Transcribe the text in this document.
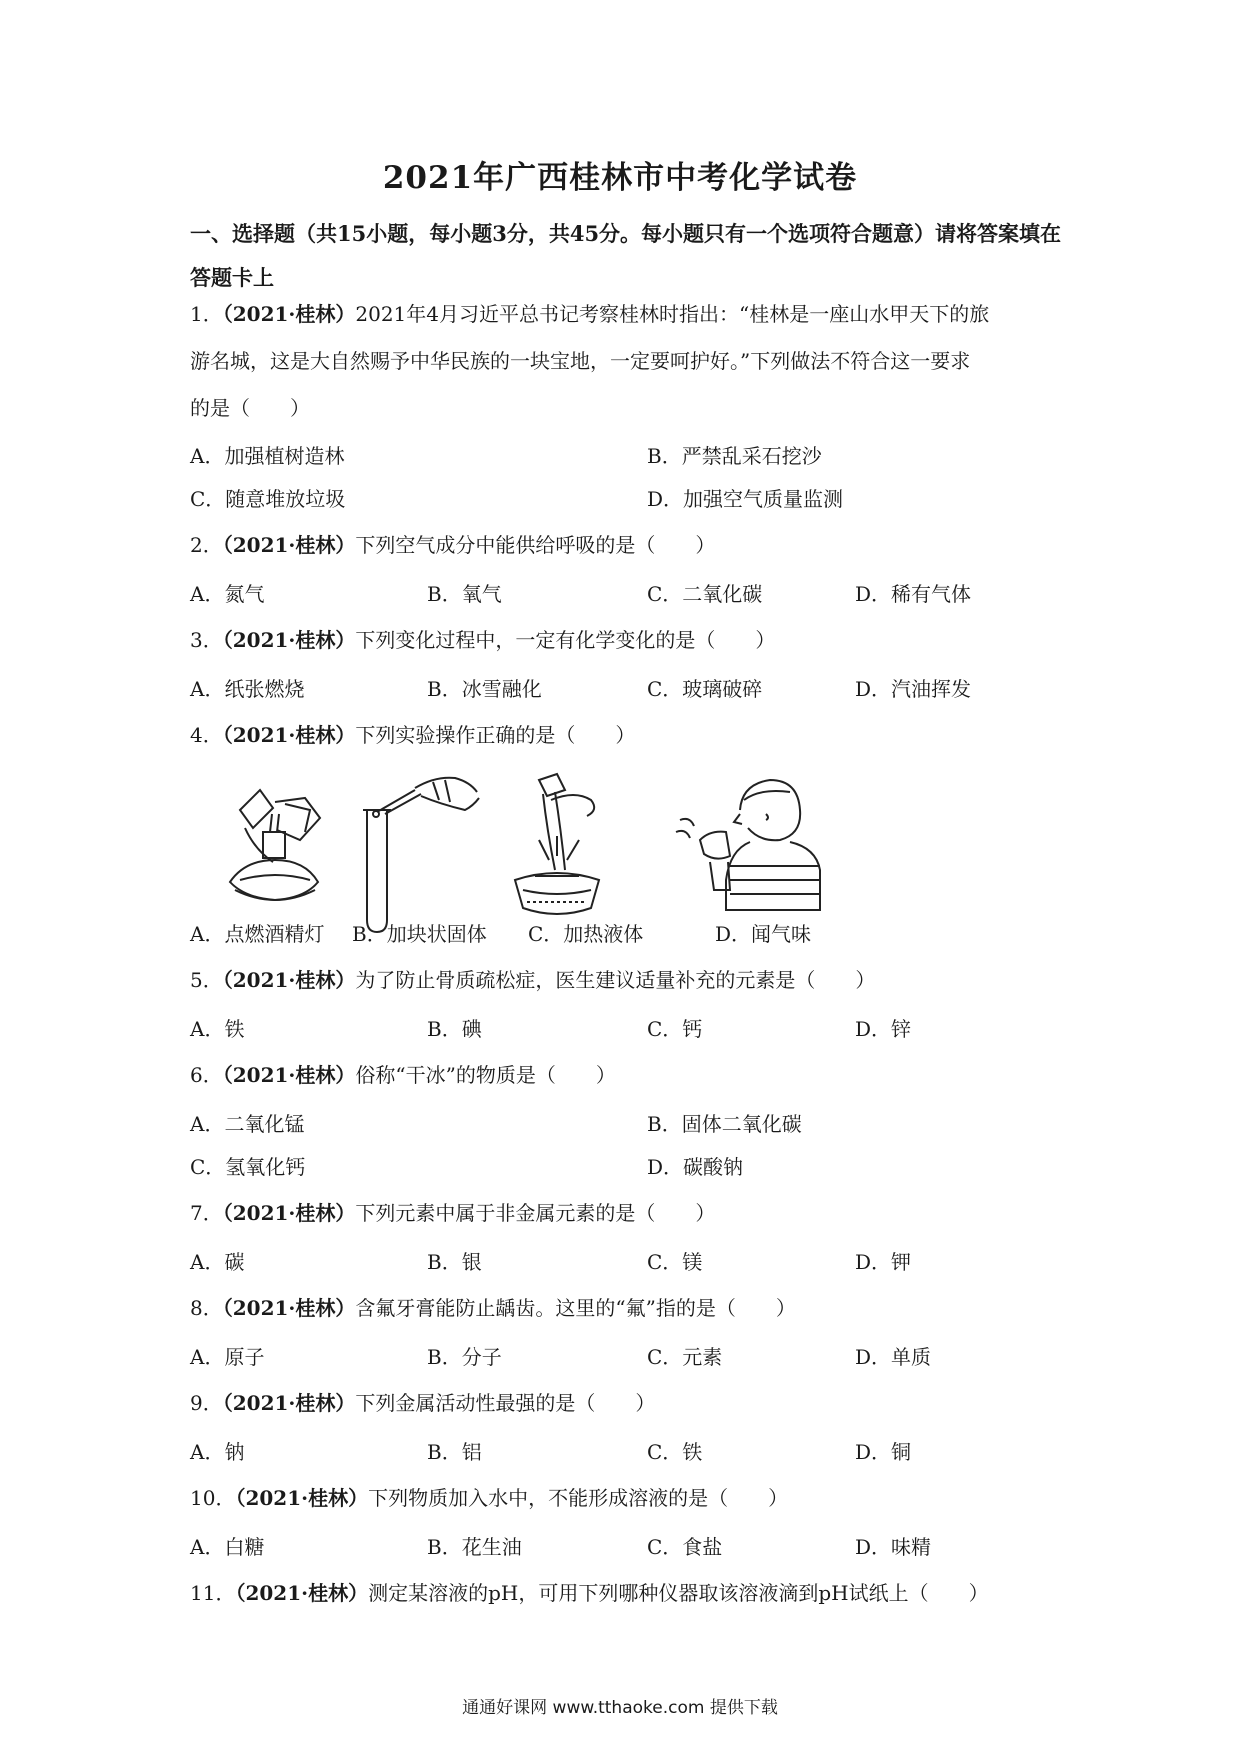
2021年广西桂林市中考化学试卷
一、选择题（共15小题，每小题3分，共45分。每小题只有一个选项符合题意）请将答案填在答题卡上
1．（2021·桂林）2021年4月习近平总书记考察桂林时指出：“桂林是一座山水甲天下的旅
游名城，这是大自然赐予中华民族的一块宝地，一定要呵护好。”下列做法不符合这一要求
的是（　　）
A．加强植树造林	B．严禁乱采石挖沙
C．随意堆放垃圾	D．加强空气质量监测
2．（2021·桂林）下列空气成分中能供给呼吸的是（　　）
A．氮气	B．氧气	C．二氧化碳	D．稀有气体
3．（2021·桂林）下列变化过程中，一定有化学变化的是（　　）
A．纸张燃烧	B．冰雪融化	C．玻璃破碎	D．汽油挥发
4．（2021·桂林）下列实验操作正确的是（　　）
A．点燃酒精灯 B．加块状固体 C．加热液体	D．闻气味
5．（2021·桂林）为了防止骨质疏松症，医生建议适量补充的元素是（　　）
A．铁	B．碘	C．钙	D．锌
6．（2021·桂林）俗称“干冰”的物质是（　　）
A．二氧化锰	B．固体二氧化碳
C．氢氧化钙	D．碳酸钠
7．（2021·桂林）下列元素中属于非金属元素的是（　　）
A．碳	B．银	C．镁	D．钾
8．（2021·桂林）含氟牙膏能防止龋齿。这里的“氟”指的是（　　）
A．原子	B．分子	C．元素	D．单质
9．（2021·桂林）下列金属活动性最强的是（　　）
A．钠	B．铝	C．铁	D．铜
10．（2021·桂林）下列物质加入水中，不能形成溶液的是（　　）
A．白糖	B．花生油	C．食盐	D．味精
11．（2021·桂林）测定某溶液的pH，可用下列哪种仪器取该溶液滴到pH试纸上（　　）
通通好课网 www.tthaoke.com 提供下载
